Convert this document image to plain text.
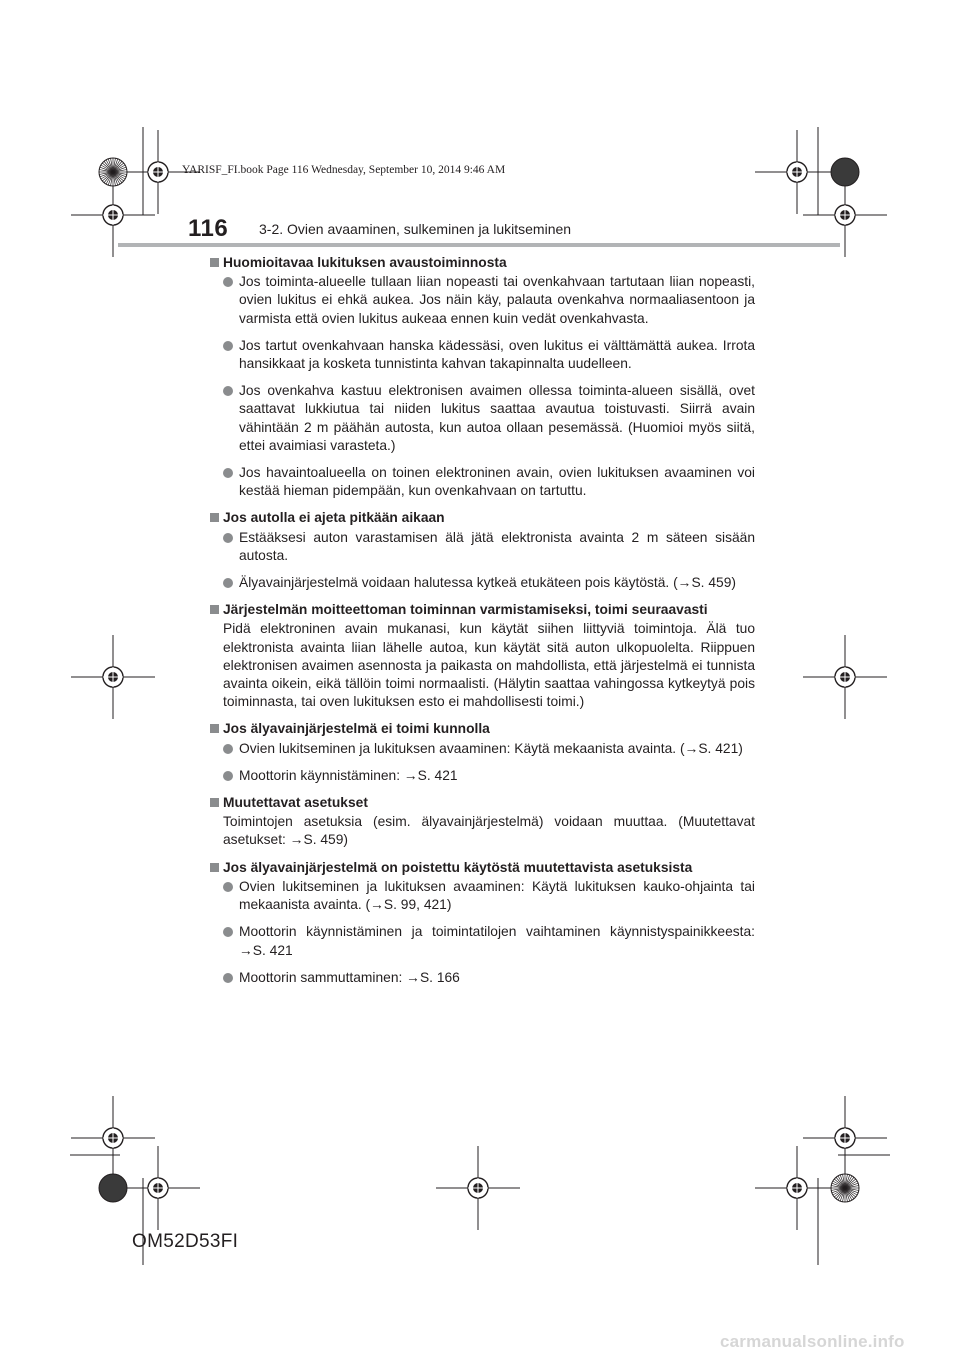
YARISF_FI.book Page 116 Wednesday, September 10, 2014 9:46 AM

116 3-2. Ovien avaaminen, sulkeminen ja lukitseminen

Huomioitavaa lukituksen avaustoiminnosta

Jos toiminta-alueelle tullaan liian nopeasti tai ovenkahvaan tartutaan liian nopeasti, ovien lukitus ei ehkä aukea. Jos näin käy, palauta ovenkahva normaaliasentoon ja varmista että ovien lukitus aukeaa ennen kuin vedät ovenkahvasta.

Jos tartut ovenkahvaan hanska kädessäsi, oven lukitus ei välttämättä aukea. Irrota hansikkaat ja kosketa tunnistinta kahvan takapinnalta uudelleen.

Jos ovenkahva kastuu elektronisen avaimen ollessa toiminta-alueen sisällä, ovet saattavat lukkiutua tai niiden lukitus saattaa avautua toistuvasti. Siirrä avain vähintään 2 m päähän autosta, kun autoa ollaan pesemässä. (Huomioi myös siitä, ettei avaimiasi varasteta.)

Jos havaintoalueella on toinen elektroninen avain, ovien lukituksen avaaminen voi kestää hieman pidempään, kun ovenkahvaan on tartuttu.

Jos autolla ei ajeta pitkään aikaan

Estääksesi auton varastamisen älä jätä elektronista avainta 2 m säteen sisään autosta.

Älyavainjärjestelmä voidaan halutessa kytkeä etukäteen pois käytöstä. (→S. 459)

Järjestelmän moitteettoman toiminnan varmistamiseksi, toimi seuraavasti

Pidä elektroninen avain mukanasi, kun käytät siihen liittyviä toimintoja. Älä tuo elektronista avainta liian lähelle autoa, kun käytät sitä auton ulkopuolelta. Riippuen elektronisen avaimen asennosta ja paikasta on mahdollista, että järjestelmä ei tunnista avainta oikein, eikä tällöin toimi normaalisti. (Hälytin saattaa vahingossa kytkeytyä pois toiminnasta, tai oven lukituksen esto ei mahdollisesti toimi.)

Jos älyavainjärjestelmä ei toimi kunnolla

Ovien lukitseminen ja lukituksen avaaminen: Käytä mekaanista avainta. (→S. 421)

Moottorin käynnistäminen: →S. 421

Muutettavat asetukset

Toimintojen asetuksia (esim. älyavainjärjestelmä) voidaan muuttaa. (Muutettavat asetukset: →S. 459)

Jos älyavainjärjestelmä on poistettu käytöstä muutettavista asetuksista

Ovien lukitseminen ja lukituksen avaaminen: Käytä lukituksen kauko-ohjainta tai mekaanista avainta. (→S. 99, 421)

Moottorin käynnistäminen ja toimintatilojen vaihtaminen käynnistyspainikkeesta: →S. 421

Moottorin sammuttaminen: →S. 166

OM52D53FI

carmanualsonline.info
